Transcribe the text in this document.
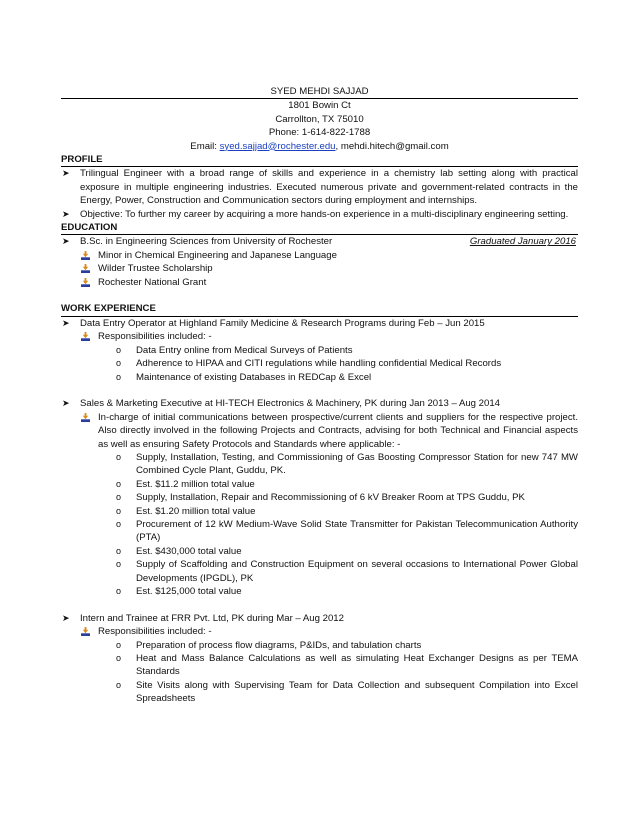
SYED MEHDI SAJJAD
1801 Bowin Ct
Carrollton, TX 75010
Phone: 1-614-822-1788
Email: syed.sajjad@rochester.edu, mehdi.hitech@gmail.com
PROFILE
➤ Trilingual Engineer with a broad range of skills and experience in a chemistry lab setting along with practical exposure in multiple engineering industries. Executed numerous private and government-related contracts in the Energy, Power, Construction and Communication sectors during employment and internships.
➤ Objective: To further my career by acquiring a more hands-on experience in a multi-disciplinary engineering setting.
EDUCATION
➤ B.Sc. in Engineering Sciences from University of Rochester	Graduated January 2016
Minor in Chemical Engineering and Japanese Language
Wilder Trustee Scholarship
Rochester National Grant
WORK EXPERIENCE
➤ Data Entry Operator at Highland Family Medicine & Research Programs during Feb – Jun 2015
Responsibilities included: -
o Data Entry online from Medical Surveys of Patients
o Adherence to HIPAA and CITI regulations while handling confidential Medical Records
o Maintenance of existing Databases in REDCap & Excel
➤ Sales & Marketing Executive at HI-TECH Electronics & Machinery, PK during Jan 2013 – Aug 2014
In-charge of initial communications between prospective/current clients and suppliers for the respective project. Also directly involved in the following Projects and Contracts, advising for both Technical and Financial aspects as well as ensuring Safety Protocols and Standards where applicable: -
o Supply, Installation, Testing, and Commissioning of Gas Boosting Compressor Station for new 747 MW Combined Cycle Plant, Guddu, PK.
o Est. $11.2 million total value
o Supply, Installation, Repair and Recommissioning of 6 kV Breaker Room at TPS Guddu, PK
o Est. $1.20 million total value
o Procurement of 12 kW Medium-Wave Solid State Transmitter for Pakistan Telecommunication Authority (PTA)
o Est. $430,000 total value
o Supply of Scaffolding and Construction Equipment on several occasions to International Power Global Developments (IPGDL), PK
o Est. $125,000 total value
➤ Intern and Trainee at FRR Pvt. Ltd, PK during Mar – Aug 2012
Responsibilities included: -
o Preparation of process flow diagrams, P&IDs, and tabulation charts
o Heat and Mass Balance Calculations as well as simulating Heat Exchanger Designs as per TEMA Standards
o Site Visits along with Supervising Team for Data Collection and subsequent Compilation into Excel Spreadsheets
